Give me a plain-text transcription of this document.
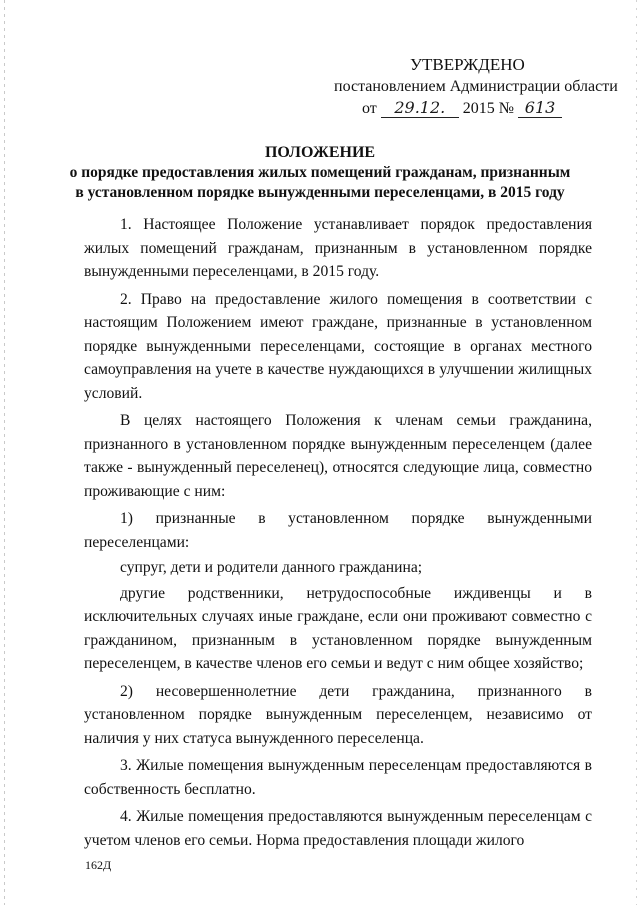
УТВЕРЖДЕНО
постановлением Администрации области
от 29.12. 2015 № 613
ПОЛОЖЕНИЕ
о порядке предоставления жилых помещений гражданам, признанным
в установленном порядке вынужденными переселенцами, в 2015 году

1. Настоящее Положение устанавливает порядок предоставления жилых помещений гражданам, признанным в установленном порядке вынужденными переселенцами, в 2015 году.

2. Право на предоставление жилого помещения в соответствии с настоящим Положением имеют граждане, признанные в установленном порядке вынужденными переселенцами, состоящие в органах местного самоуправления на учете в качестве нуждающихся в улучшении жилищных условий.

В целях настоящего Положения к членам семьи гражданина, признанного в установленном порядке вынужденным переселенцем (далее также - вынужденный переселенец), относятся следующие лица, совместно проживающие с ним:

1) признанные в установленном порядке вынужденными переселенцами:

супруг, дети и родители данного гражданина;

другие родственники, нетрудоспособные иждивенцы и в исключительных случаях иные граждане, если они проживают совместно с гражданином, признанным в установленном порядке вынужденным переселенцем, в качестве членов его семьи и ведут с ним общее хозяйство;

2) несовершеннолетние дети гражданина, признанного в установленном порядке вынужденным переселенцем, независимо от наличия у них статуса вынужденного переселенца.

3. Жилые помещения вынужденным переселенцам предоставляются в собственность бесплатно.

4. Жилые помещения предоставляются вынужденным переселенцам с учетом членов его семьи. Норма предоставления площади жилого

162Д
